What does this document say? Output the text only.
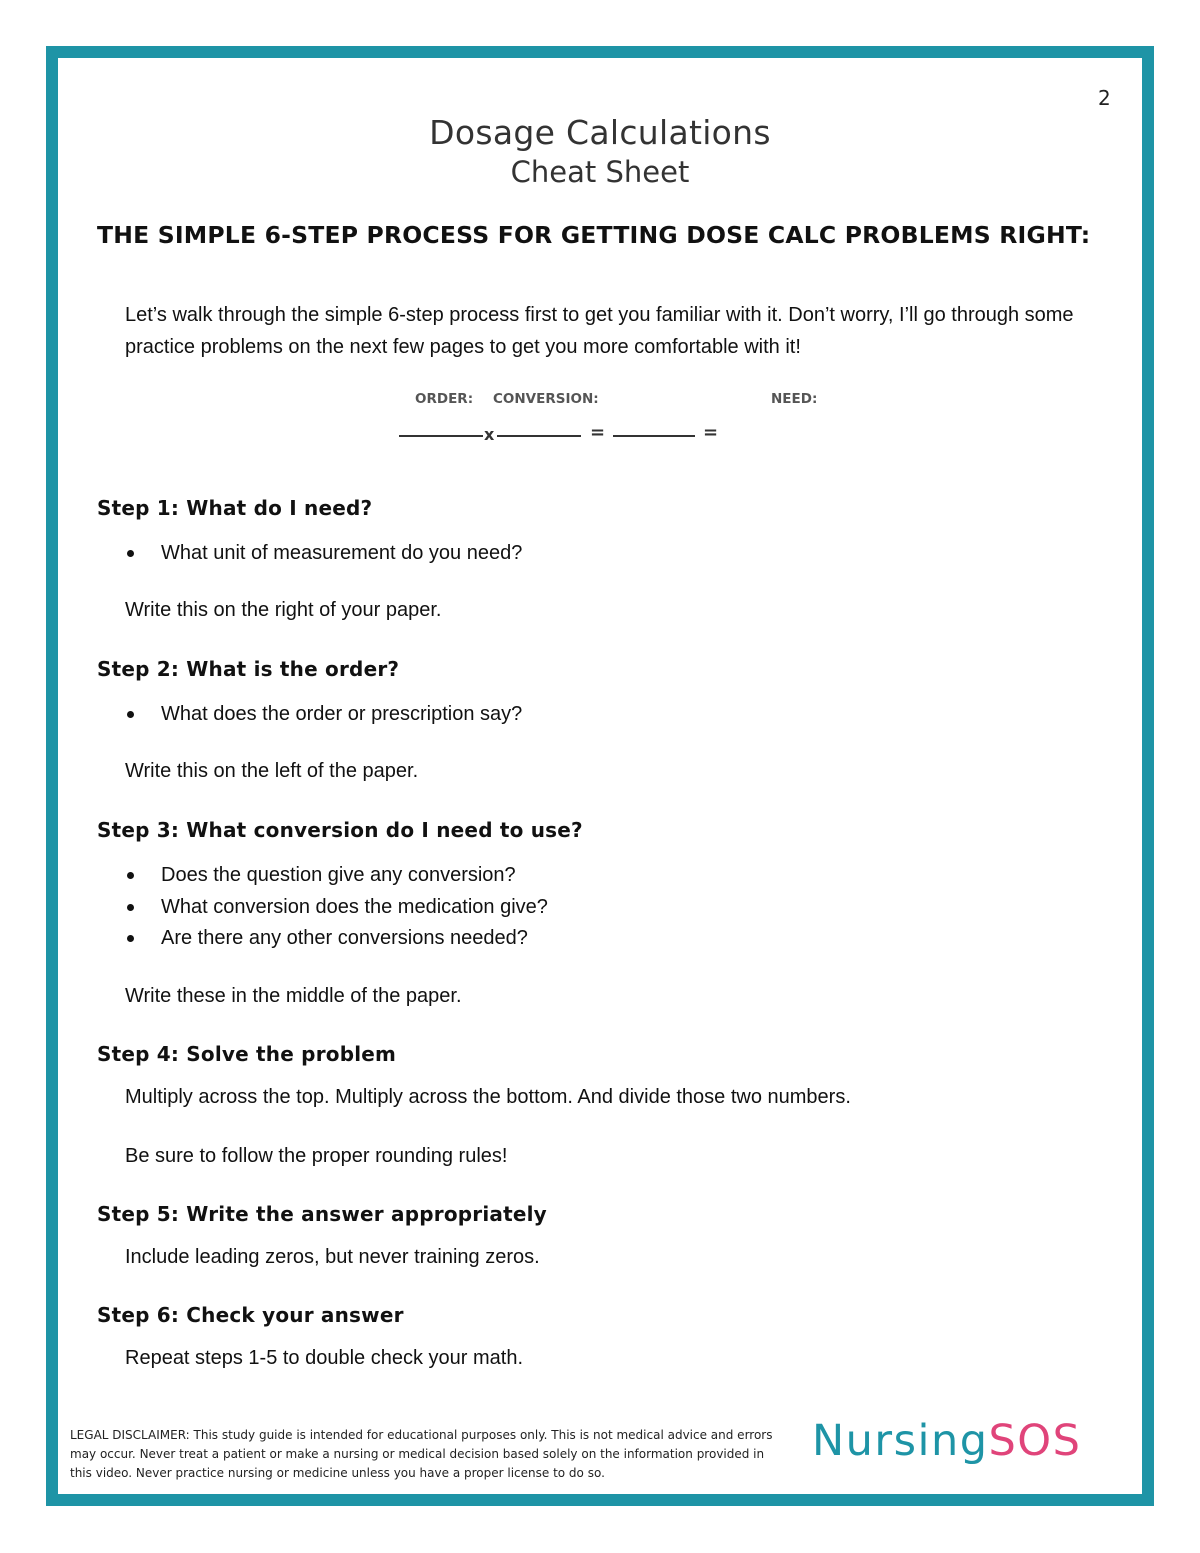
2
Dosage Calculations
Cheat Sheet
THE SIMPLE 6-STEP PROCESS FOR GETTING DOSE CALC PROBLEMS RIGHT:
Let’s walk through the simple 6-step process first to get you familiar with it. Don’t worry, I’ll go through some practice problems on the next few pages to get you more comfortable with it!
ORDER: CONVERSION:	NEED:
x	=	=
Step 1: What do I need?
What unit of measurement do you need?
Write this on the right of your paper.
Step 2: What is the order?
What does the order or prescription say?
Write this on the left of the paper.
Step 3: What conversion do I need to use?
Does the question give any conversion?
What conversion does the medication give?
Are there any other conversions needed?
Write these in the middle of the paper.
Step 4: Solve the problem
Multiply across the top. Multiply across the bottom. And divide those two numbers.
Be sure to follow the proper rounding rules!
Step 5: Write the answer appropriately
Include leading zeros, but never training zeros.
Step 6: Check your answer
Repeat steps 1-5 to double check your math.
LEGAL DISCLAIMER: This study guide is intended for educational purposes only. This is not medical advice and errors may occur. Never treat a patient or make a nursing or medical decision based solely on the information provided in this video. Never practice nursing or medicine unless you have a proper license to do so.
NursingSOS
